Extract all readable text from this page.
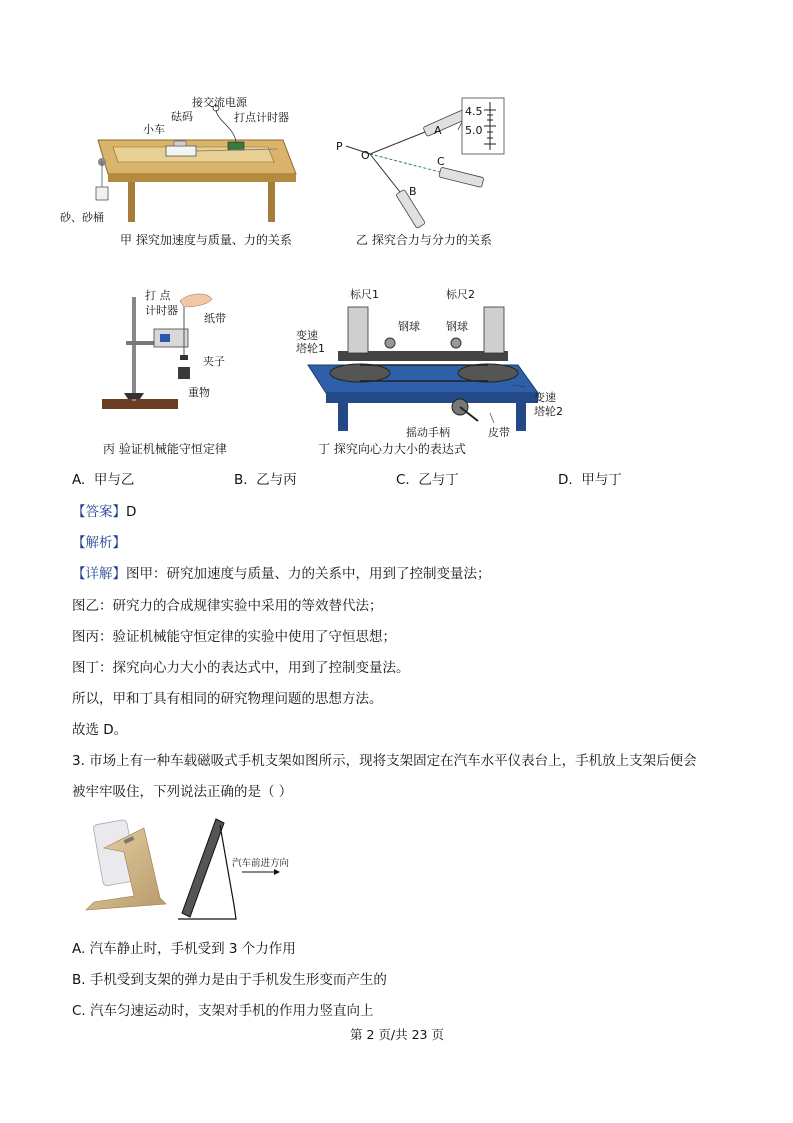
接交流电源
砝码
小车
打点计时器
砂、砂桶
甲 探究加速度与质量、力的关系
P
O
A
C
B
4.5
5.0
乙 探究合力与分力的关系
打 点
计时器
纸带
夹子
重物
丙 验证机械能守恒定律
标尺1	标尺2
钢球 钢球
变速
塔轮1
变速
塔轮2
摇动手柄	皮带
丁 探究向心力大小的表达式
A. 甲与乙	B. 乙与丙	C. 乙与丁	D. 甲与丁
【答案】D
【解析】
【详解】图甲：研究加速度与质量、力的关系中，用到了控制变量法；
图乙：研究力的合成规律实验中采用的等效替代法；
图丙：验证机械能守恒定律的实验中使用了守恒思想；
图丁：探究向心力大小的表达式中，用到了控制变量法。
所以，甲和丁具有相同的研究物理问题的思想方法。
故选 D。
3. 市场上有一种车载磁吸式手机支架如图所示，现将支架固定在汽车水平仪表台上，手机放上支架后便会
被牢牢吸住，下列说法正确的是（ ）
汽车前进方向
A. 汽车静止时，手机受到 3 个力作用
B. 手机受到支架的弹力是由于手机发生形变而产生的
C. 汽车匀速运动时，支架对手机的作用力竖直向上
第 2 页/共 23 页
